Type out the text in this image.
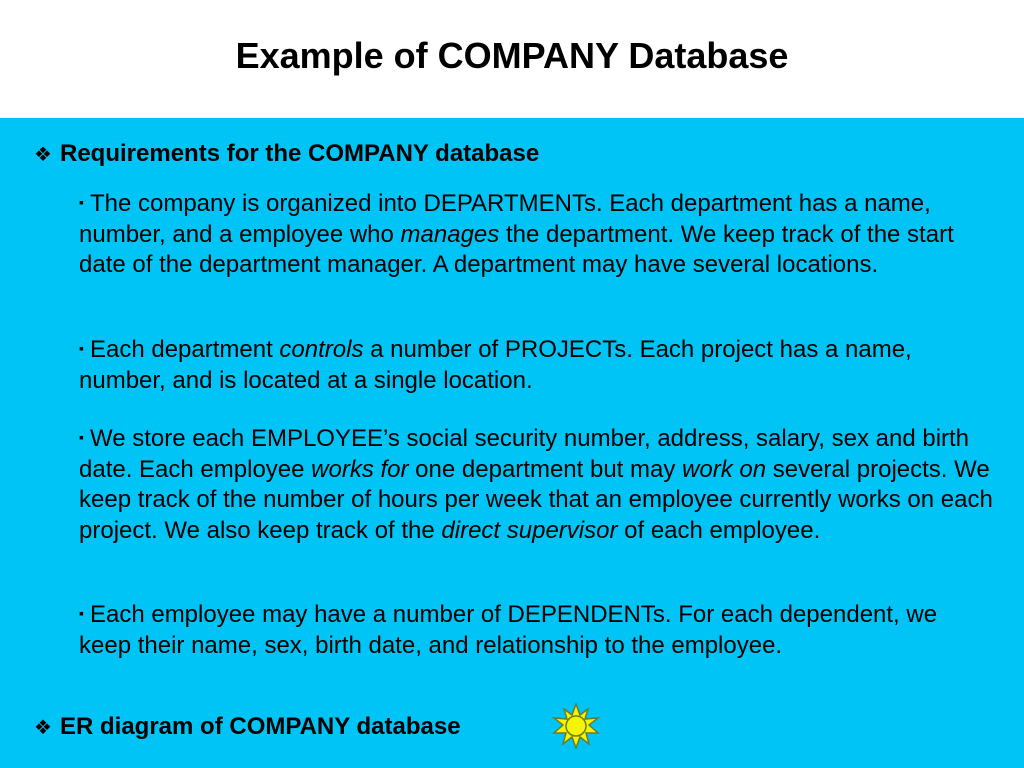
Example of COMPANY Database
❖ Requirements for the COMPANY database
▪ The company is organized into DEPARTMENTs. Each department has a name, number, and a employee who manages the department. We keep track of the start date of the department manager. A department may have several locations.
▪ Each department controls a number of PROJECTs. Each project has a name, number, and is located at a single location.
▪ We store each EMPLOYEE’s social security number, address, salary, sex and birth date. Each employee works for one department but may work on several projects. We keep track of the number of hours per week that an employee currently works on each project. We also keep track of the direct supervisor of each employee.
▪ Each employee may have a number of DEPENDENTs. For each dependent, we keep their name, sex, birth date, and relationship to the employee.
❖ ER diagram of COMPANY database
